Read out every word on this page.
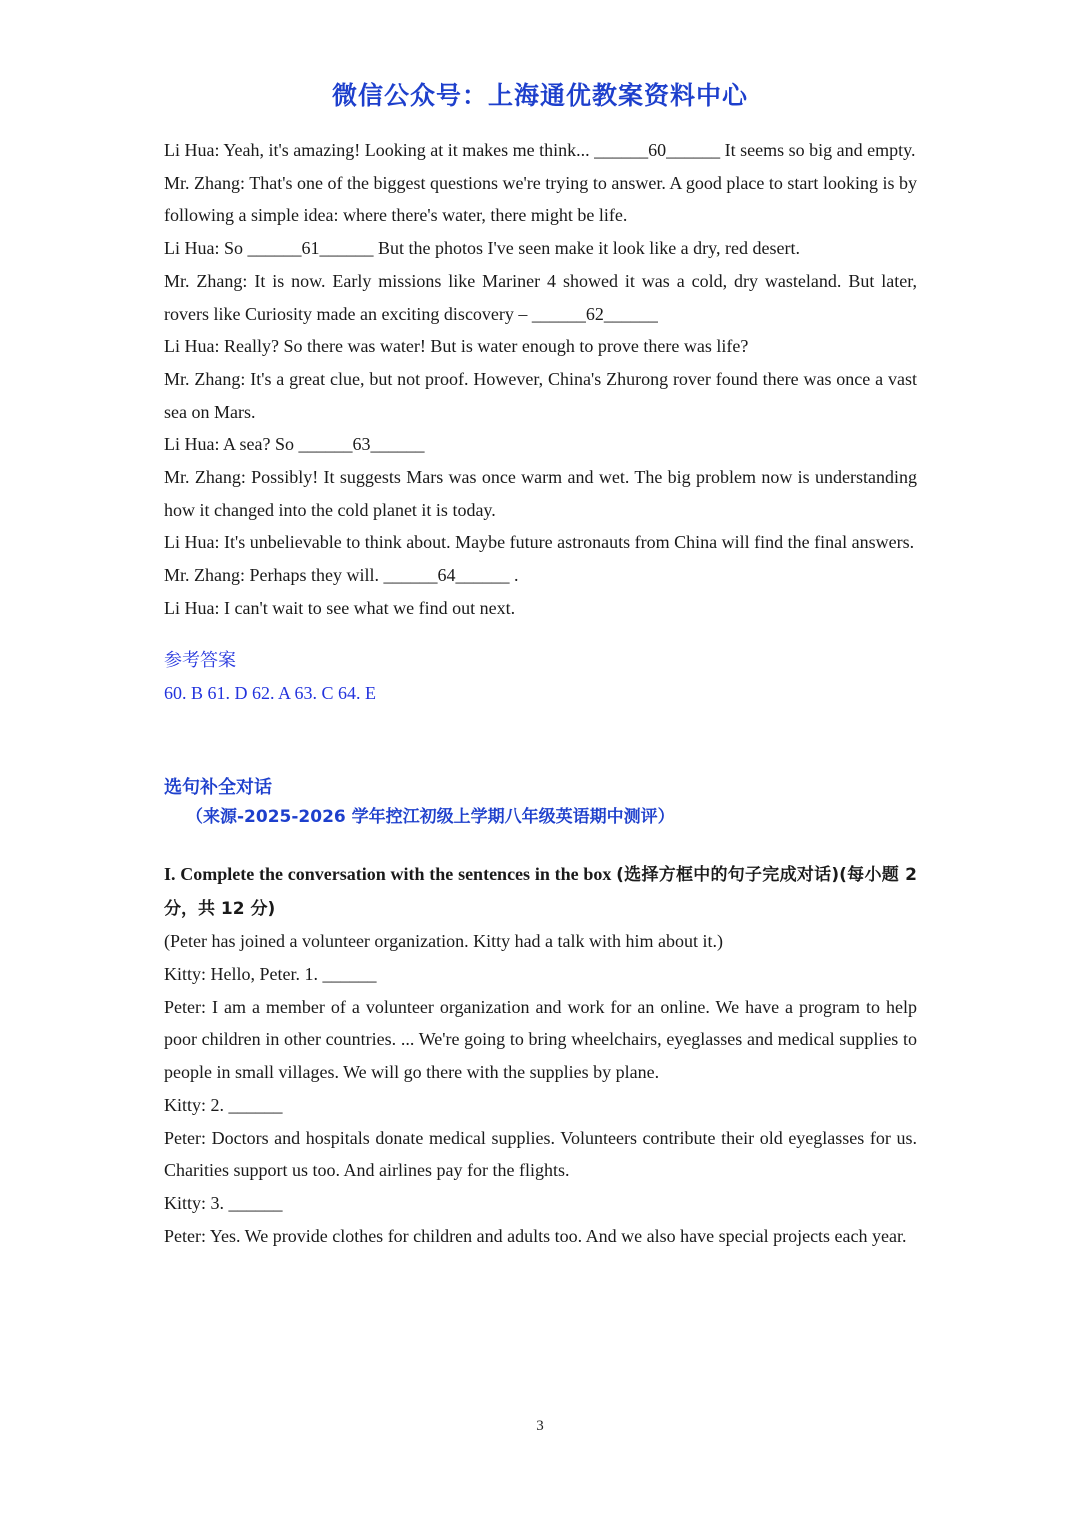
微信公众号：上海通优教案资料中心
Li Hua: Yeah, it's amazing! Looking at it makes me think... ______60______ It seems so big and empty.
Mr. Zhang: That's one of the biggest questions we're trying to answer. A good place to start looking is by following a simple idea: where there's water, there might be life.
Li Hua: So ______61______ But the photos I've seen make it look like a dry, red desert.
Mr. Zhang: It is now. Early missions like Mariner 4 showed it was a cold, dry wasteland. But later, rovers like Curiosity made an exciting discovery – ______62______
Li Hua: Really? So there was water! But is water enough to prove there was life?
Mr. Zhang: It's a great clue, but not proof. However, China's Zhurong rover found there was once a vast sea on Mars.
Li Hua: A sea? So ______63______
Mr. Zhang: Possibly! It suggests Mars was once warm and wet. The big problem now is understanding how it changed into the cold planet it is today.
Li Hua: It's unbelievable to think about. Maybe future astronauts from China will find the final answers.
Mr. Zhang: Perhaps they will. ______64______ .
Li Hua: I can't wait to see what we find out next.
参考答案
60. B 61. D 62. A 63. C 64. E
选句补全对话
（来源-2025-2026 学年控江初级上学期八年级英语期中测评）
I. Complete the conversation with the sentences in the box (选择方框中的句子完成对话)(每小题 2 分，共 12 分)
(Peter has joined a volunteer organization. Kitty had a talk with him about it.)
Kitty: Hello, Peter. 1. ______
Peter: I am a member of a volunteer organization and work for an online. We have a program to help poor children in other countries. ... We're going to bring wheelchairs, eyeglasses and medical supplies to people in small villages. We will go there with the supplies by plane.
Kitty: 2. ______
Peter: Doctors and hospitals donate medical supplies. Volunteers contribute their old eyeglasses for us. Charities support us too. And airlines pay for the flights.
Kitty: 3. ______
Peter: Yes. We provide clothes for children and adults too. And we also have special projects each year.
3
